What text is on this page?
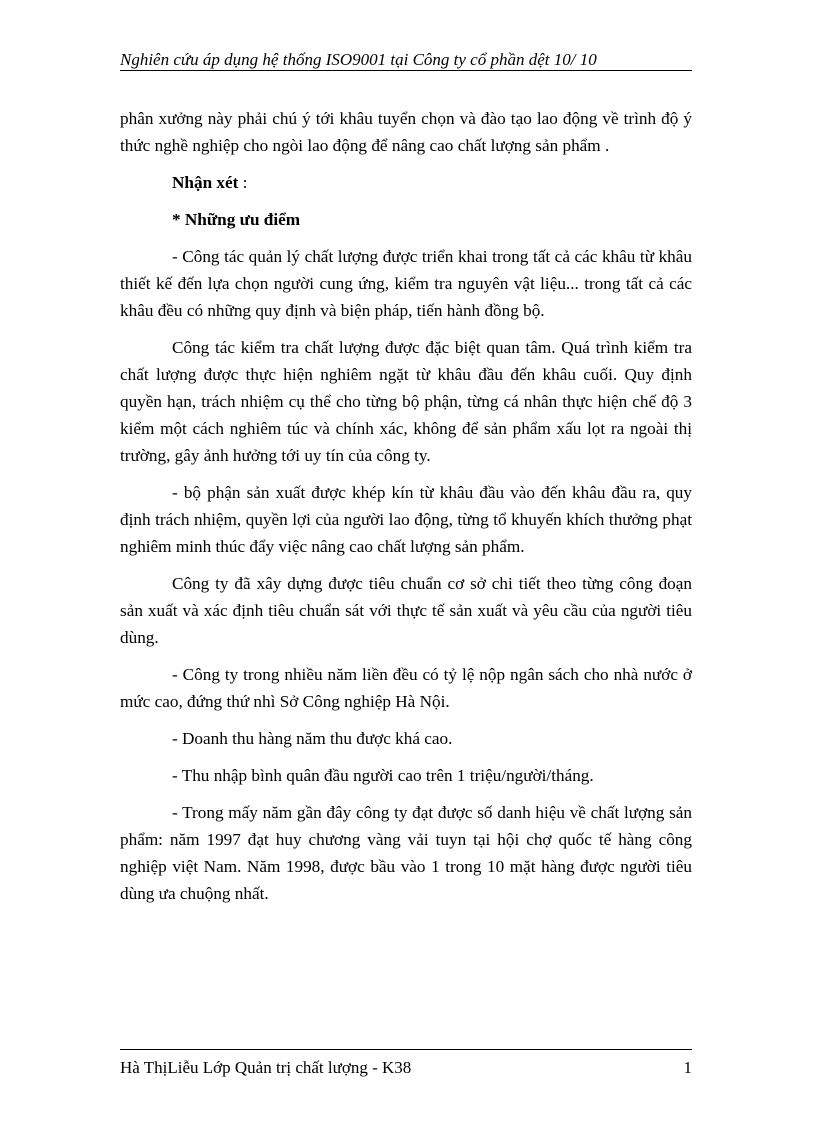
Nghiên cứu áp dụng hệ thống ISO9001 tại Công ty cổ phần dệt 10/ 10

phân xưởng này phải chú ý tới khâu tuyển chọn và đào tạo lao động về trình độ ý thức nghề nghiệp cho ngòi lao động để nâng cao chất lượng sản phẩm .

Nhận xét :

* Những ưu điểm

- Công tác quản lý chất lượng được triển khai trong tất cả các khâu từ khâu thiết kế đến lựa chọn người cung ứng, kiểm tra nguyên vật liệu... trong tất cả các khâu đều có những quy định và biện pháp, tiến hành đồng bộ.

Công tác kiểm tra chất lượng được đặc biệt quan tâm. Quá trình kiểm tra chất lượng được thực hiện nghiêm ngặt từ khâu đầu đến khâu cuối. Quy định quyền hạn, trách nhiệm cụ thể cho từng bộ phận, từng cá nhân thực hiện chế độ 3 kiểm một cách nghiêm túc và chính xác, không để sản phẩm xấu lọt ra ngoài thị trường, gây ảnh hưởng tới uy tín của công ty.

- bộ phận sản xuất được khép kín từ khâu đầu vào đến khâu đầu ra, quy định trách nhiệm, quyền lợi của người lao động, từng tổ khuyến khích thưởng phạt nghiêm minh thúc đẩy việc nâng cao chất lượng sản phẩm.

Công ty đã xây dựng được tiêu chuẩn cơ sở chi tiết theo từng công đoạn sản xuất và xác định tiêu chuẩn sát với thực tế sản xuất và yêu cầu của người tiêu dùng.

- Công ty trong nhiều năm liền đều có tỷ lệ nộp ngân sách cho nhà nước ở mức cao, đứng thứ nhì Sở Công nghiệp Hà Nội.

- Doanh thu hàng năm thu được khá cao.

- Thu nhập bình quân đầu người cao trên 1 triệu/người/tháng.

- Trong mấy năm gần đây công ty đạt được số danh hiệu về chất lượng sản phẩm: năm 1997 đạt huy chương vàng vải tuyn tại hội chợ quốc tế hàng công nghiệp việt Nam. Năm 1998, được bầu vào 1 trong 10 mặt hàng được người tiêu dùng ưa chuộng nhất.

Hà ThịLiễu Lớp Quản trị chất lượng - K38	1
